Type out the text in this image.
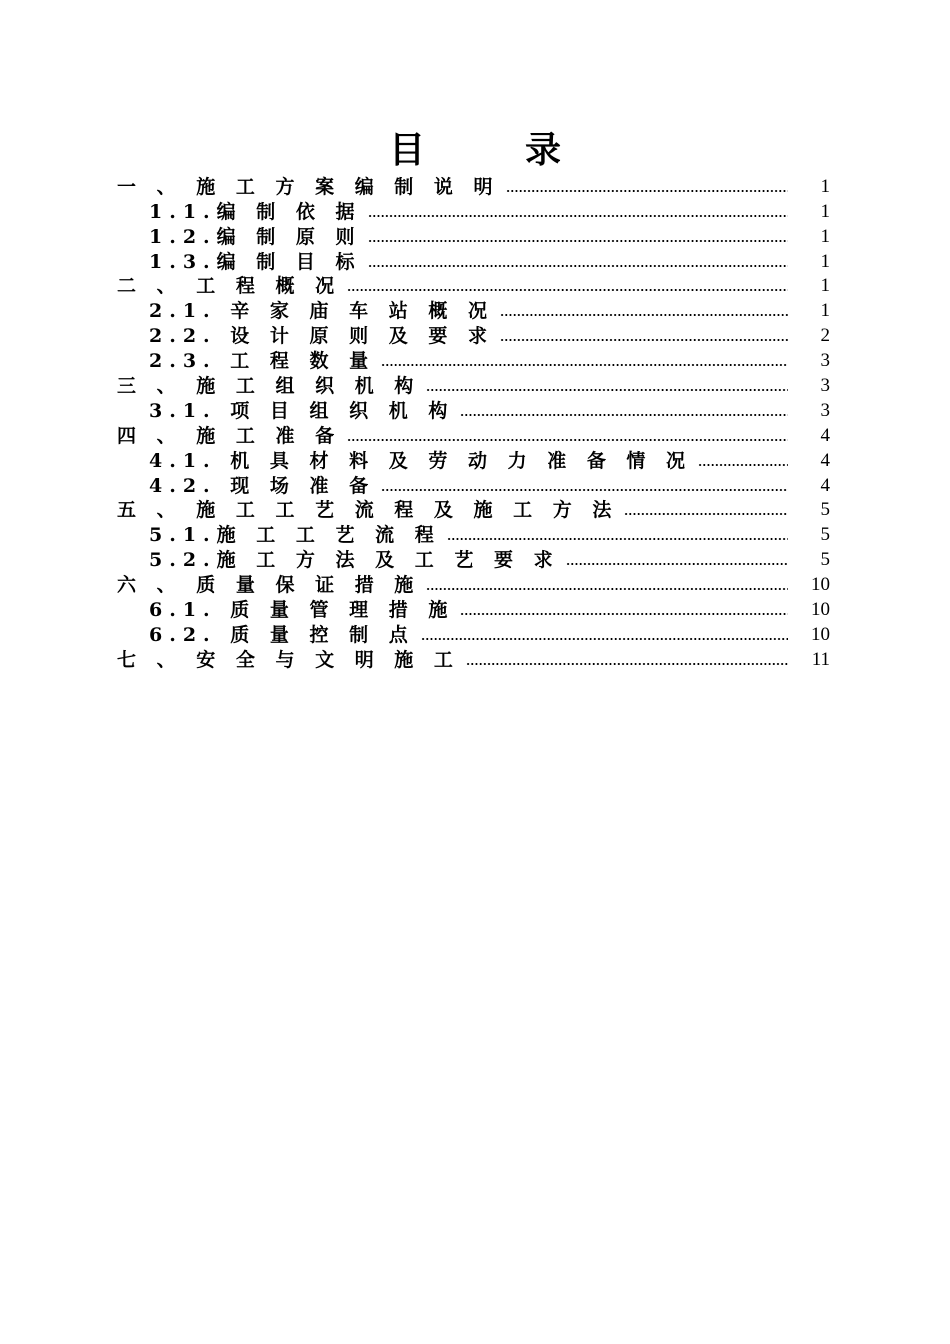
目	录
一 、 施 工 方 案 编 制 说 明	1
1.1.编 制 依 据	1
1.2.编 制 原 则	1
1.3.编 制 目 标	1
二 、 工 程 概 况	1
2.1. 辛 家 庙 车 站 概 况	1
2.2. 设 计 原 则 及 要 求	2
2.3. 工 程 数 量	3
三 、 施 工 组 织 机 构	3
3.1. 项 目 组 织 机 构	3
四 、 施 工 准 备	4
4.1. 机 具 材 料 及 劳 动 力 准 备 情 况	4
4.2. 现 场 准 备	4
五 、 施 工 工 艺 流 程 及 施 工 方 法	5
5.1.施 工 工 艺 流 程	5
5.2.施 工 方 法 及 工 艺 要 求	5
六 、 质 量 保 证 措 施	10
6.1. 质 量 管 理 措 施	10
6.2. 质 量 控 制 点	10
七 、 安 全 与 文 明 施 工	11
